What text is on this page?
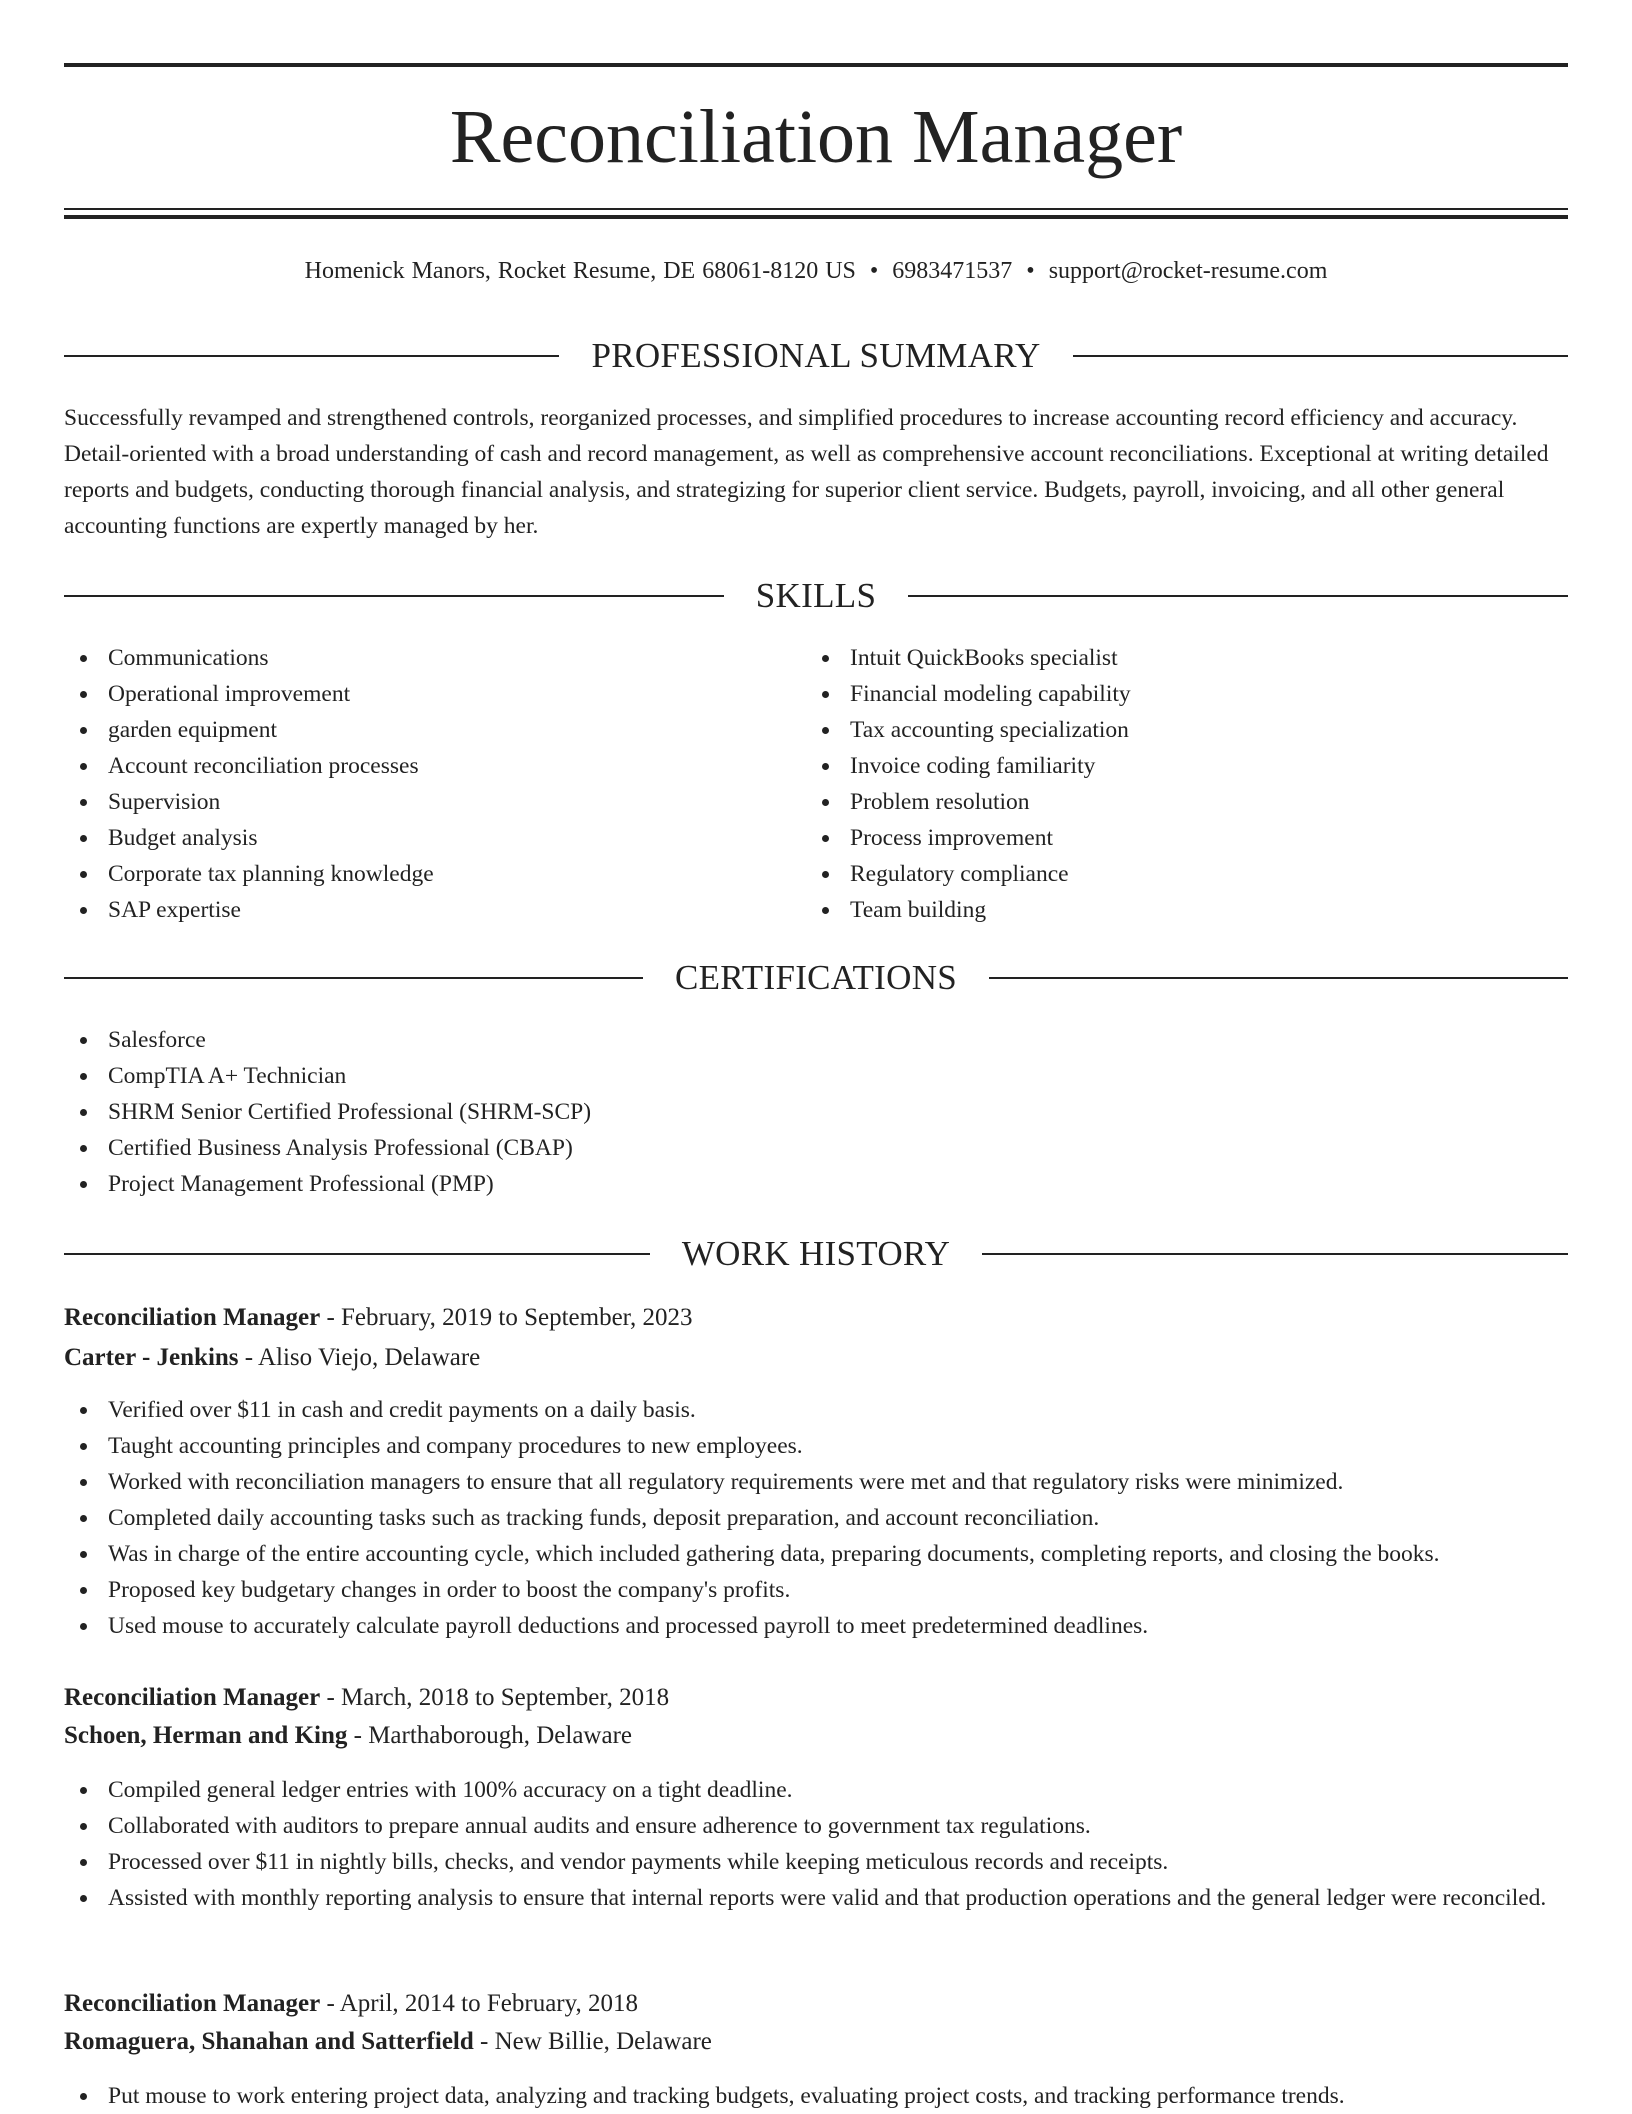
Reconciliation Manager
Homenick Manors, Rocket Resume, DE 68061-8120 US • 6983471537 • support@rocket-resume.com
PROFESSIONAL SUMMARY

Successfully revamped and strengthened controls, reorganized processes, and simplified procedures to increase accounting record efficiency and accuracy. Detail-oriented with a broad understanding of cash and record management, as well as comprehensive account reconciliations. Exceptional at writing detailed reports and budgets, conducting thorough financial analysis, and strategizing for superior client service. Budgets, payroll, invoicing, and all other general accounting functions are expertly managed by her.

SKILLS
Communications
Operational improvement
garden equipment
Account reconciliation processes
Supervision
Budget analysis
Corporate tax planning knowledge
SAP expertise
Intuit QuickBooks specialist
Financial modeling capability
Tax accounting specialization
Invoice coding familiarity
Problem resolution
Process improvement
Regulatory compliance
Team building
CERTIFICATIONS
Salesforce
CompTIA A+ Technician
SHRM Senior Certified Professional (SHRM-SCP)
Certified Business Analysis Professional (CBAP)
Project Management Professional (PMP)
WORK HISTORY
Reconciliation Manager - February, 2019 to September, 2023
Carter - Jenkins - Aliso Viejo, Delaware
Verified over $11 in cash and credit payments on a daily basis.
Taught accounting principles and company procedures to new employees.
Worked with reconciliation managers to ensure that all regulatory requirements were met and that regulatory risks were minimized.
Completed daily accounting tasks such as tracking funds, deposit preparation, and account reconciliation.
Was in charge of the entire accounting cycle, which included gathering data, preparing documents, completing reports, and closing the books.
Proposed key budgetary changes in order to boost the company's profits.
Used mouse to accurately calculate payroll deductions and processed payroll to meet predetermined deadlines.
Reconciliation Manager - March, 2018 to September, 2018
Schoen, Herman and King - Marthaborough, Delaware
Compiled general ledger entries with 100% accuracy on a tight deadline.
Collaborated with auditors to prepare annual audits and ensure adherence to government tax regulations.
Processed over $11 in nightly bills, checks, and vendor payments while keeping meticulous records and receipts.
Assisted with monthly reporting analysis to ensure that internal reports were valid and that production operations and the general ledger were reconciled.
Reconciliation Manager - April, 2014 to February, 2018
Romaguera, Shanahan and Satterfield - New Billie, Delaware
Put mouse to work entering project data, analyzing and tracking budgets, evaluating project costs, and tracking performance trends.
